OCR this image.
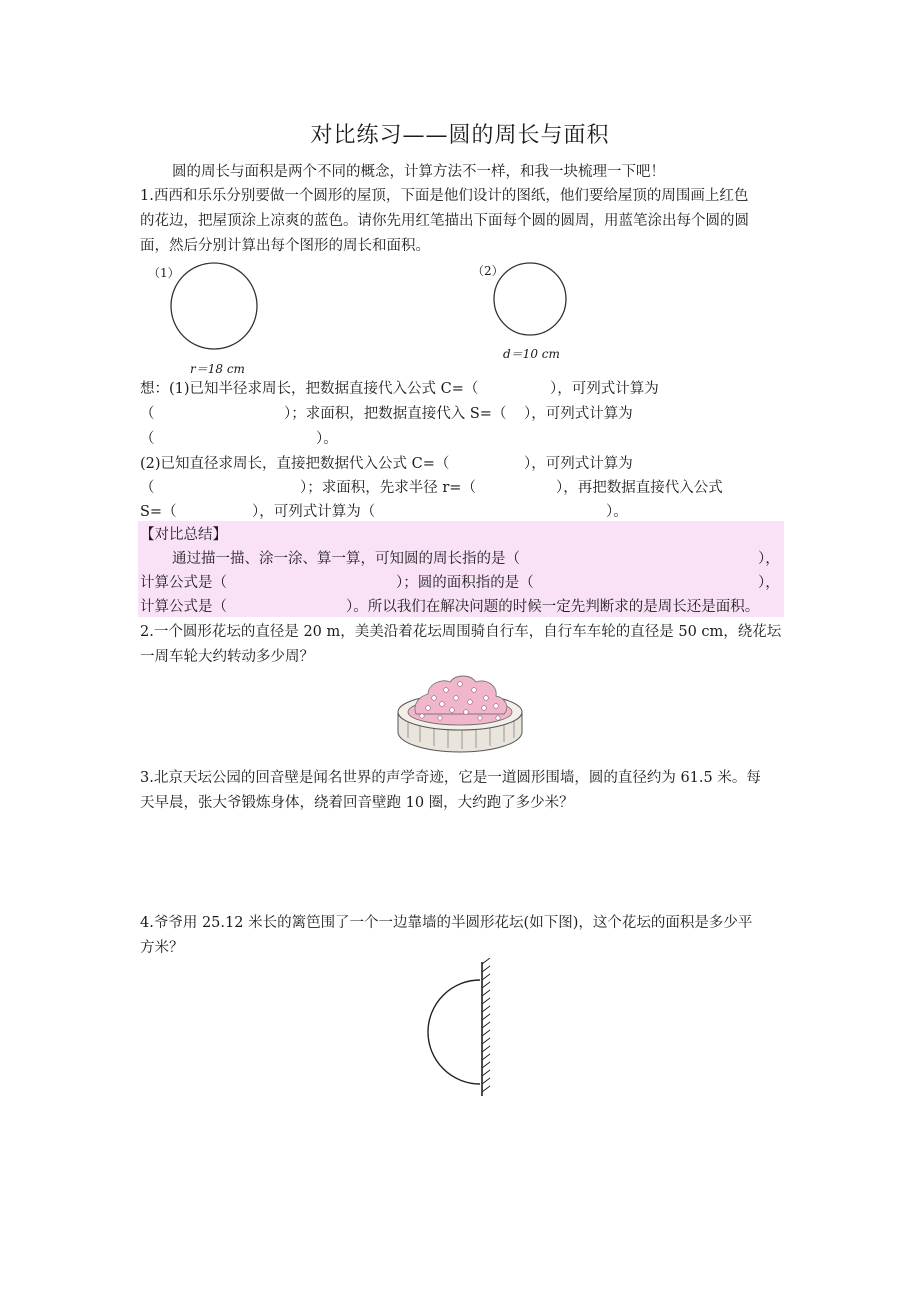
对比练习——圆的周长与面积
圆的周长与面积是两个不同的概念，计算方法不一样，和我一块梳理一下吧！
1.西西和乐乐分别要做一个圆形的屋顶，下面是他们设计的图纸，他们要给屋顶的周围画上红色
的花边，把屋顶涂上凉爽的蓝色。请你先用红笔描出下面每个圆的圆周，用蓝笔涂出每个圆的圆
面，然后分别计算出每个图形的周长和面积。
（1）
r＝18 cm
（2）
d＝10 cm
想：(1)已知半径求周长，把数据直接代入公式 C=（	），可列式计算为
（	）；求面积，把数据直接代入 S=（ ），可列式计算为
（	）。
(2)已知直径求周长，直接把数据代入公式 C=（	），可列式计算为
（	）；求面积，先求半径 r=（	），再把数据直接代入公式
S=（	），可列式计算为（	）。
【对比总结】
通过描一描、涂一涂、算一算，可知圆的周长指的是（	），
计算公式是（	）；圆的面积指的是（	），
计算公式是（	）。所以我们在解决问题的时候一定先判断求的是周长还是面积。
2.一个圆形花坛的直径是 20 m，美美沿着花坛周围骑自行车，自行车车轮的直径是 50 cm，绕花坛
一周车轮大约转动多少周？
3.北京天坛公园的回音壁是闻名世界的声学奇迹，它是一道圆形围墙，圆的直径约为 61.5 米。每
天早晨，张大爷锻炼身体，绕着回音壁跑 10 圈，大约跑了多少米？
4.爷爷用 25.12 米长的篱笆围了一个一边靠墙的半圆形花坛(如下图)，这个花坛的面积是多少平
方米？
